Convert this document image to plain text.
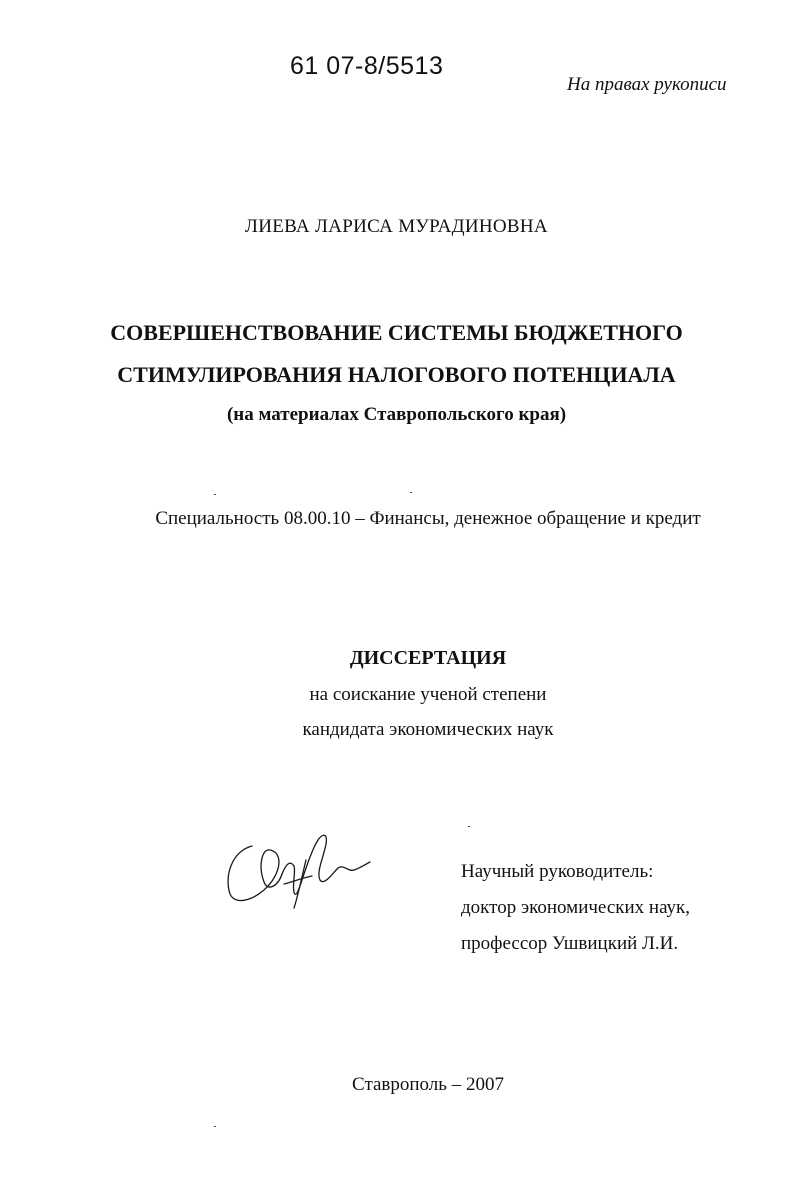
61 07-8/5513
На правах рукописи
ЛИЕВА ЛАРИСА МУРАДИНОВНА
СОВЕРШЕНСТВОВАНИЕ СИСТЕМЫ БЮДЖЕТНОГО
СТИМУЛИРОВАНИЯ НАЛОГОВОГО ПОТЕНЦИАЛА
(на материалах Ставропольского края)
Специальность 08.00.10 – Финансы, денежное обращение и кредит
ДИССЕРТАЦИЯ
на соискание ученой степени
кандидата экономических наук
Научный руководитель:
доктор экономических наук,
профессор Ушвицкий Л.И.
Ставрополь – 2007
